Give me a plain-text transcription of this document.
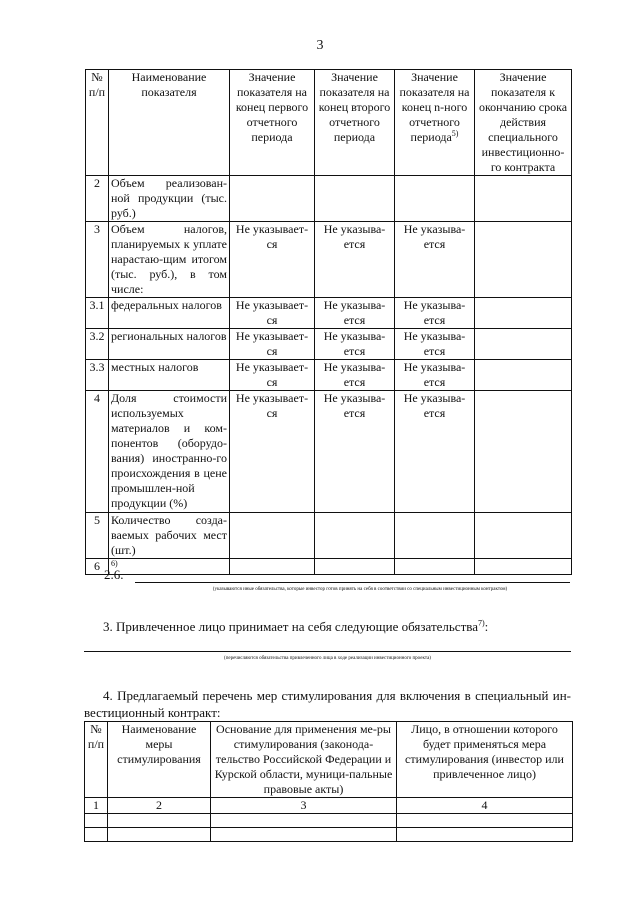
3
№ п/п	Наименование показателя	Значение показателя на конец первого отчетного периода	Значение показателя на конец второго отчетного периода	Значение показателя на конец n-ного отчетного периода$^{5)}$	Значение показателя к окончанию срока действия специального инвестиционно-го контракта
2	Объем реализован-ной продукции (тыс. руб.)				
3	Объем налогов, планируемых к уплате нарастаю-щим итогом (тыс. руб.), в том числе:	Не указывает-ся	Не указыва-ется	Не указыва-ется	
3.1	федеральных налогов	Не указывает-ся	Не указыва-ется	Не указыва-ется	
3.2	региональных налогов	Не указывает-ся	Не указыва-ется	Не указыва-ется	
3.3	местных налогов	Не указывает-ся	Не указыва-ется	Не указыва-ется	
4	Доля стоимости используемых материалов и ком-понентов (оборудо-вания) иностранно-го происхождения в цене промышлен-ной продукции (%)	Не указывает-ся	Не указыва-ется	Не указыва-ется	
5	Количество созда-ваемых рабочих мест (шт.)				
6	6)				
2.6.
(указываются иные обязательства, которые инвестор готов принять на себя в соответствии со специальным инвестиционным контрактом)
3. Привлеченное лицо принимает на себя следующие обязательства$^{7)}$:
(перечисляются обязательства привлеченного лица в ходе реализации инвестиционного проекта)
4. Предлагаемый перечень мер стимулирования для включения в специальный ин-вестиционный контракт:
№ п/п	Наименование меры стимулирования	Основание для применения ме-ры стимулирования (законода-тельство Российской Федерации и Курской области, муници-пальные правовые акты)	Лицо, в отношении которого будет применяться мера стимулирования (инвестор или привлеченное лицо)
1	2	3	4
